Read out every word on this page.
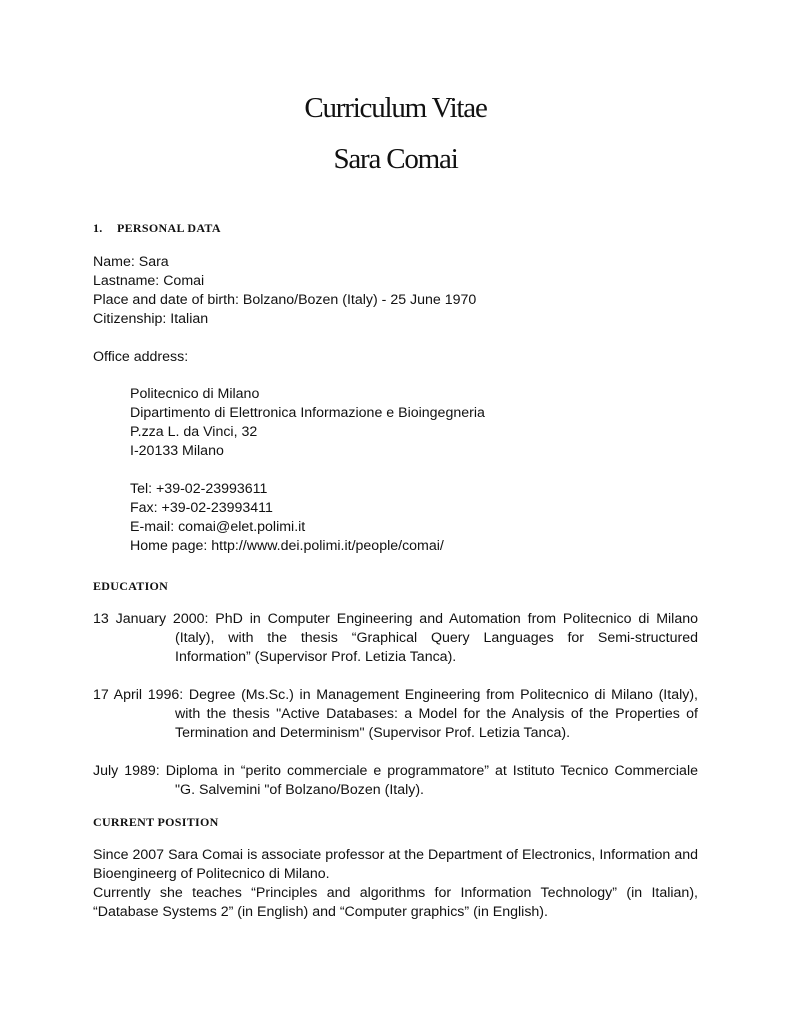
Curriculum Vitae
Sara Comai
1. PERSONAL DATA
Name: Sara
Lastname: Comai
Place and date of birth: Bolzano/Bozen (Italy) - 25 June 1970
Citizenship: Italian
Office address:
Politecnico di Milano
Dipartimento di Elettronica Informazione e Bioingegneria
P.zza L. da Vinci, 32
I-20133 Milano
Tel: +39-02-23993611
Fax: +39-02-23993411
E-mail: comai@elet.polimi.it
Home page: http://www.dei.polimi.it/people/comai/
EDUCATION
13 January 2000: PhD in Computer Engineering and Automation from Politecnico di Milano
(Italy), with the thesis “Graphical Query Languages for Semi-structured
Information” (Supervisor Prof. Letizia Tanca).
17 April 1996: Degree (Ms.Sc.) in Management Engineering from Politecnico di Milano (Italy),
with the thesis "Active Databases: a Model for the Analysis of the Properties of
Termination and Determinism" (Supervisor Prof. Letizia Tanca).
July 1989: Diploma in “perito commerciale e programmatore” at Istituto Tecnico Commerciale
"G. Salvemini "of Bolzano/Bozen (Italy).
CURRENT POSITION
Since 2007 Sara Comai is associate professor at the Department of Electronics, Information and
Bioengineerg of Politecnico di Milano.
Currently she teaches “Principles and algorithms for Information Technology” (in Italian),
“Database Systems 2” (in English) and “Computer graphics” (in English).
